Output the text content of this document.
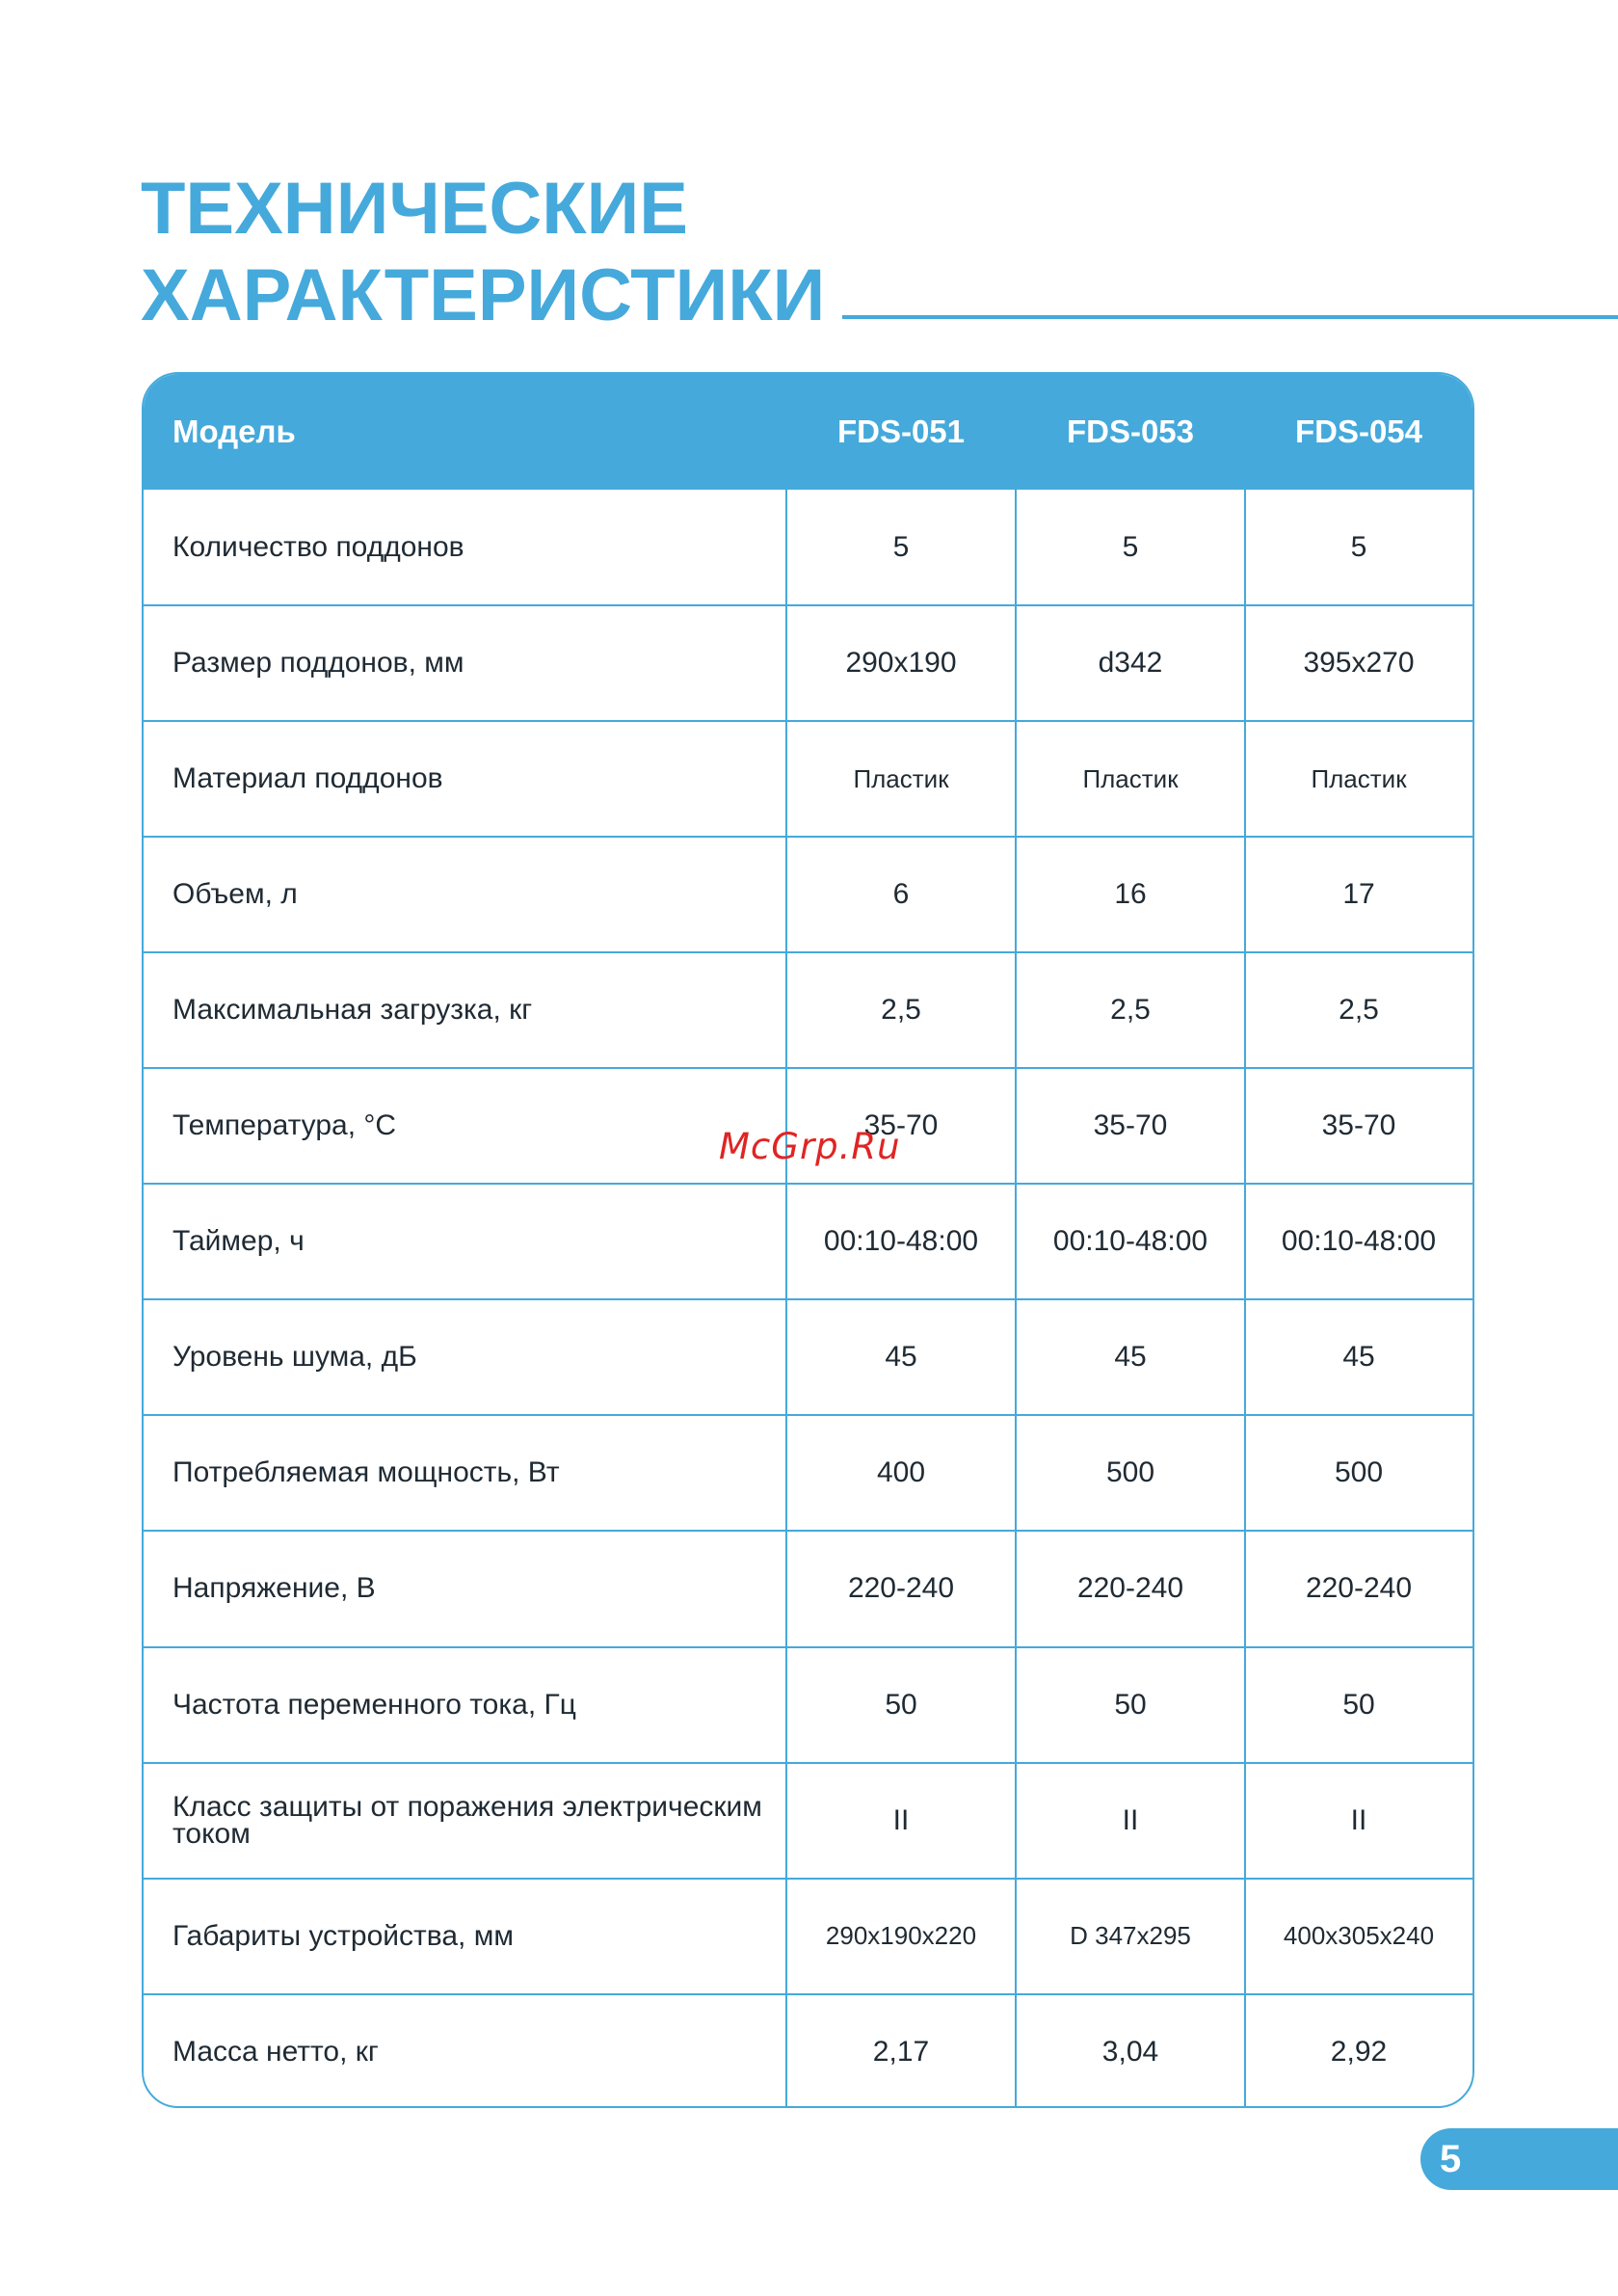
ТЕХНИЧЕСКИЕ
ХАРАКТЕРИСТИКИ
Модель	FDS-051	FDS-053	FDS-054
Количество поддонов	5	5	5
Размер поддонов, мм	290x190	d342	395x270
Материал поддонов	Пластик	Пластик	Пластик
Объем, л	6	16	17
Максимальная загрузка, кг	2,5	2,5	2,5
Температура, °С	35-70	35-70	35-70
Таймер, ч	00:10-48:00	00:10-48:00	00:10-48:00
Уровень шума, дБ	45	45	45
Потребляемая мощность, Вт	400	500	500
Напряжение, В	220-240	220-240	220-240
Частота переменного тока, Гц	50	50	50
Класс защиты от поражения электрическим током	II	II	II
Габариты устройства, мм	290x190x220	D 347x295	400x305x240
Масса нетто, кг	2,17	3,04	2,92
McGrp.Ru
5
